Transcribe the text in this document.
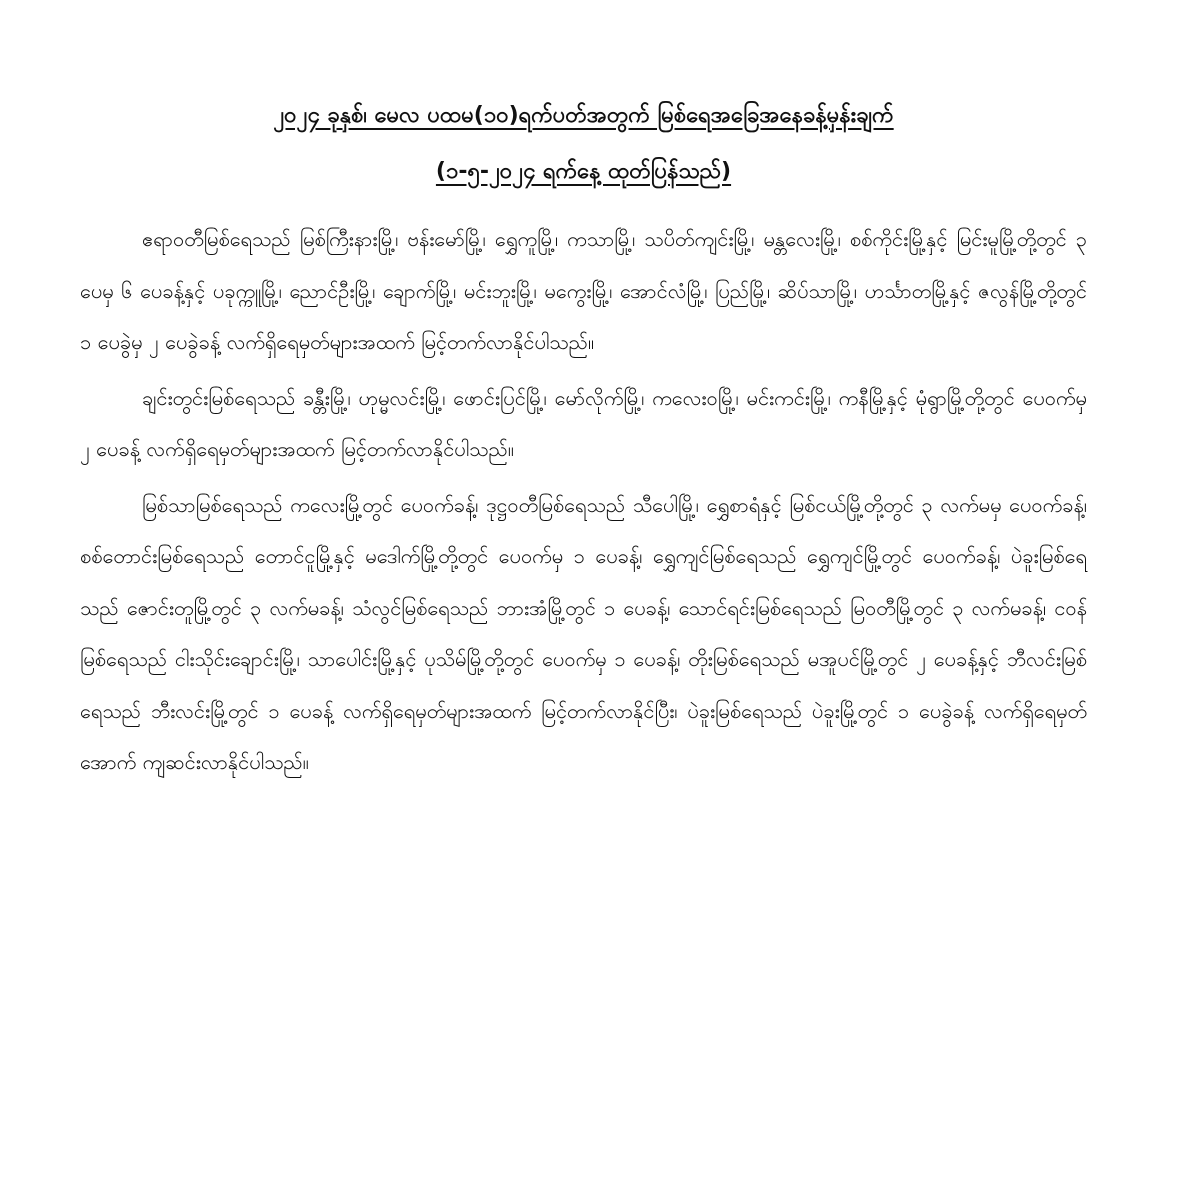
၂၀၂၄ ခုနှစ်၊ မေလ ပထမ(၁၀)ရက်ပတ်အတွက် မြစ်ရေအခြေအနေခန့်မှန်းချက်
(၁-၅-၂၀၂၄ ရက်နေ့ ထုတ်ပြန်သည်)

ဧရာဝတီမြစ်ရေသည် မြစ်ကြီးနားမြို့၊ ဗန်းမော်မြို့၊ ရွှေကူမြို့၊ ကသာမြို့၊ သပိတ်ကျင်းမြို့၊ မန္တလေးမြို့၊ စစ်ကိုင်းမြို့နှင့် မြင်းမူမြို့တို့တွင် ၃ ပေမှ ၆ ပေခန့်နှင့် ပခုက္ကူမြို့၊ ညောင်ဦးမြို့၊ ချောက်မြို့၊ မင်းဘူးမြို့၊ မကွေးမြို့၊ အောင်လံမြို့၊ ပြည်မြို့၊ ဆိပ်သာမြို့၊ ဟင်္သာတမြို့နှင့် ဇလွန်မြို့တို့တွင် ၁ ပေခွဲမှ ၂ ပေခွဲခန့် လက်ရှိရေမှတ်များအထက် မြင့်တက်လာနိုင်ပါသည်။

ချင်းတွင်းမြစ်ရေသည် ခန္တီးမြို့၊ ဟုမ္မလင်းမြို့၊ ဖောင်းပြင်မြို့၊ မော်လိုက်မြို့၊ ကလေးဝမြို့၊ မင်းကင်းမြို့၊ ကနီမြို့နှင့် မုံရွာမြို့တို့တွင် ပေဝက်မှ ၂ ပေခန့် လက်ရှိရေမှတ်များအထက် မြင့်တက်လာနိုင်ပါသည်။

မြစ်သာမြစ်ရေသည် ကလေးမြို့တွင် ပေဝက်ခန့်၊ ဒုဋ္ဌဝတီမြစ်ရေသည် သီပေါမြို့၊ ရွှေစာရံနှင့် မြစ်ငယ်မြို့တို့တွင် ၃ လက်မမှ ပေဝက်ခန့်၊ စစ်တောင်းမြစ်ရေသည် တောင်ငူမြို့နှင့် မဒေါက်မြို့တို့တွင် ပေဝက်မှ ၁ ပေခန့်၊ ရွှေကျင်မြစ်ရေသည် ရွှေကျင်မြို့တွင် ပေဝက်ခန့်၊ ပဲခူးမြစ်ရေသည် ဇောင်းတူမြို့တွင် ၃ လက်မခန့်၊ သံလွင်မြစ်ရေသည် ဘားအံမြို့တွင် ၁ ပေခန့်၊ သောင်ရင်းမြစ်ရေသည် မြဝတီမြို့တွင် ၃ လက်မခန့်၊ ငဝန်မြစ်ရေသည် ငါးသိုင်းချောင်းမြို့၊ သာပေါင်းမြို့နှင့် ပုသိမ်မြို့တို့တွင် ပေဝက်မှ ၁ ပေခန့်၊ တိုးမြစ်ရေသည် မအူပင်မြို့တွင် ၂ ပေခန့်နှင့် ဘီလင်းမြစ်ရေသည် ဘီးလင်းမြို့တွင် ၁ ပေခန့် လက်ရှိရေမှတ်များအထက် မြင့်တက်လာနိုင်ပြီး၊ ပဲခူးမြစ်ရေသည် ပဲခူးမြို့တွင် ၁ ပေခွဲခန့် လက်ရှိရေမှတ်အောက် ကျဆင်းလာနိုင်ပါသည်။
